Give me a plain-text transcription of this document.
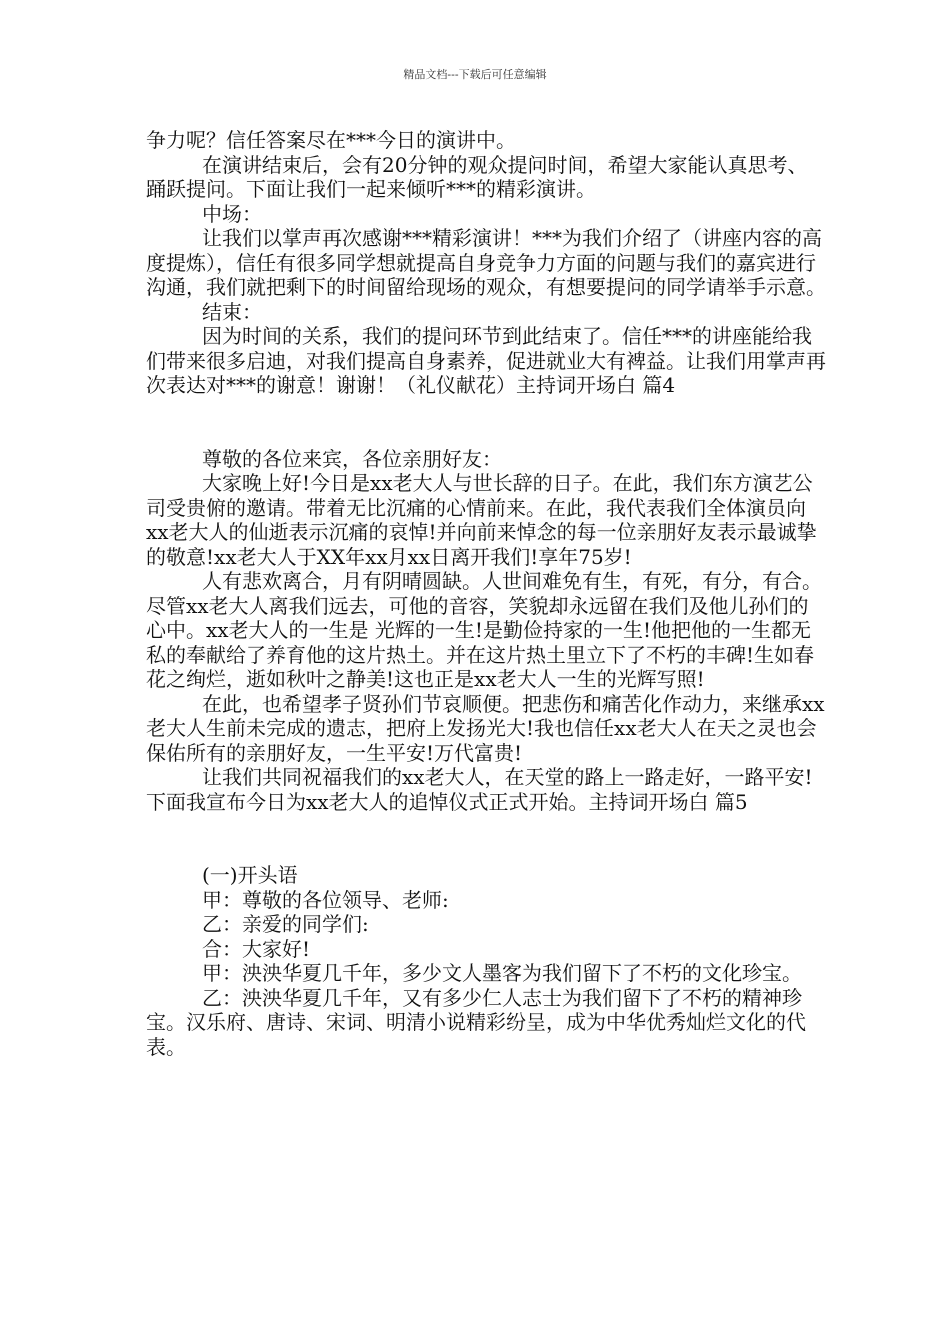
精品文档---下载后可任意编辑

争力呢？信任答案尽在***今日的演讲中。

在演讲结束后，会有20分钟的观众提问时间，希望大家能认真思考、踊跃提问。下面让我们一起来倾听***的精彩演讲。

中场：

让我们以掌声再次感谢***精彩演讲！***为我们介绍了（讲座内容的高度提炼），信任有很多同学想就提高自身竞争力方面的问题与我们的嘉宾进行沟通，我们就把剩下的时间留给现场的观众，有想要提问的同学请举手示意。

结束：

因为时间的关系，我们的提问环节到此结束了。信任***的讲座能给我们带来很多启迪，对我们提高自身素养，促进就业大有裨益。让我们用掌声再次表达对***的谢意！谢谢！（礼仪献花）主持词开场白 篇4

尊敬的各位来宾，各位亲朋好友：

大家晚上好!今日是xx老大人与世长辞的日子。在此，我们东方演艺公司受贵俯的邀请。带着无比沉痛的心情前来。在此，我代表我们全体演员向xx老大人的仙逝表示沉痛的哀悼!并向前来悼念的每一位亲朋好友表示最诚挚的敬意!xx老大人于XX年xx月xx日离开我们!享年75岁!

人有悲欢离合，月有阴晴圆缺。人世间难免有生，有死，有分，有合。尽管xx老大人离我们远去，可他的音容，笑貌却永远留在我们及他儿孙们的心中。xx老大人的一生是 光辉的一生!是勤俭持家的一生!他把他的一生都无私的奉献给了养育他的这片热土。并在这片热土里立下了不朽的丰碑!生如春花之绚烂，逝如秋叶之静美!这也正是xx老大人一生的光辉写照!

在此，也希望孝子贤孙们节哀顺便。把悲伤和痛苦化作动力，来继承xx老大人生前未完成的遗志，把府上发扬光大!我也信任xx老大人在天之灵也会保佑所有的亲朋好友，一生平安!万代富贵!

让我们共同祝福我们的xx老大人，在天堂的路上一路走好，一路平安!下面我宣布今日为xx老大人的追悼仪式正式开始。主持词开场白 篇5

(一)开头语

甲：尊敬的各位领导、老师:

乙：亲爱的同学们:

合：大家好!

甲：泱泱华夏几千年，多少文人墨客为我们留下了不朽的文化珍宝。

乙：泱泱华夏几千年，又有多少仁人志士为我们留下了不朽的精神珍宝。汉乐府、唐诗、宋词、明清小说精彩纷呈，成为中华优秀灿烂文化的代表。
